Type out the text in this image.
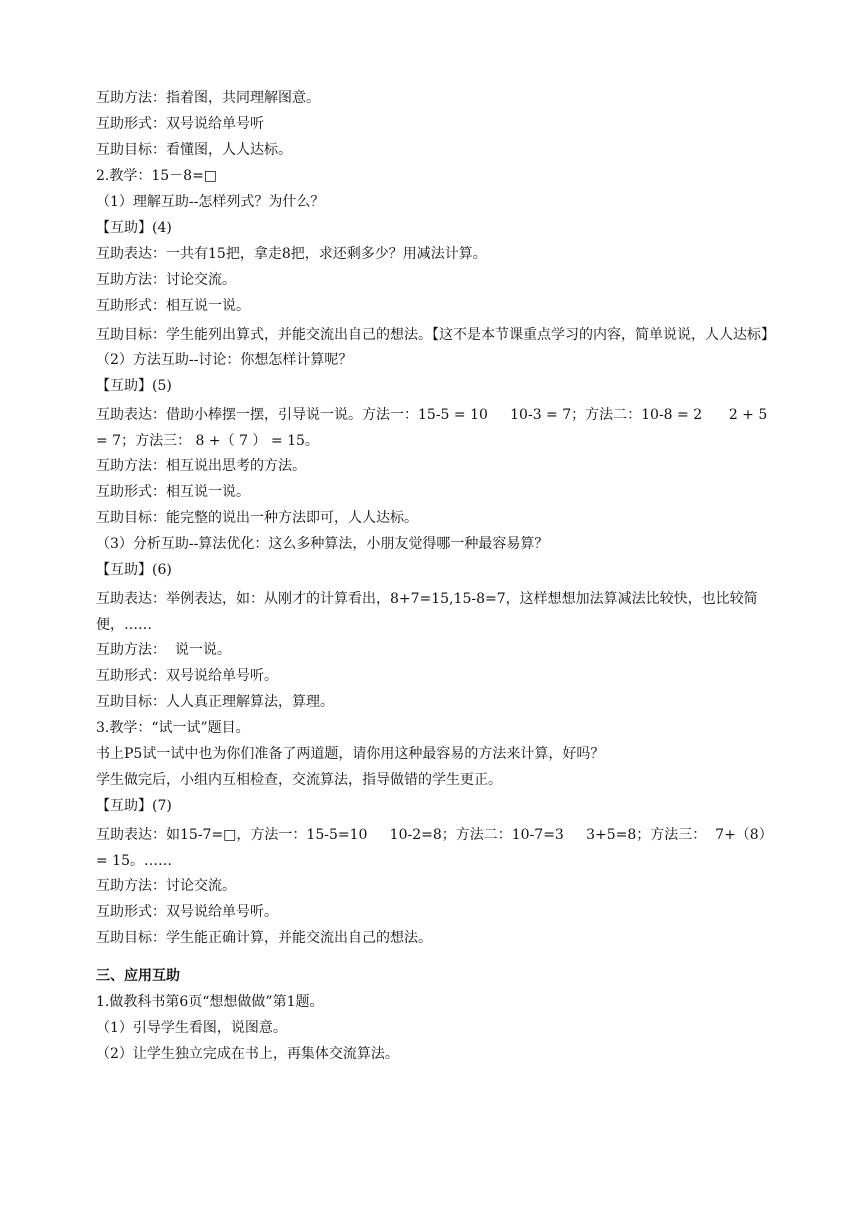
互助方法：指着图，共同理解图意。

互助形式：双号说给单号听

互助目标：看懂图，人人达标。

2.教学：15－8=□

（1）理解互助--怎样列式？为什么？

【互助】(4)

互助表达：一共有15把，拿走8把，求还剩多少？用减法计算。

互助方法：讨论交流。

互助形式：相互说一说。

互助目标：学生能列出算式，并能交流出自己的想法。【这不是本节课重点学习的内容，简单说说，人人达标】

（2）方法互助--讨论：你想怎样计算呢？

【互助】(5)

互助表达：借助小棒摆一摆，引导说一说。方法一：15-5 = 10     10-3 = 7；方法二：10-8 = 2      2 + 5 = 7；方法三： 8 +（ 7 ） = 15。

互助方法：相互说出思考的方法。

互助形式：相互说一说。

互助目标：能完整的说出一种方法即可，人人达标。

（3）分析互助--算法优化：这么多种算法，小朋友觉得哪一种最容易算？

【互助】(6)

互助表达：举例表达，如：从刚才的计算看出，8+7=15,15-8=7，这样想想加法算减法比较快，也比较简便，……

互助方法：  说一说。

互助形式：双号说给单号听。

互助目标：人人真正理解算法，算理。

3.教学：“试一试”题目。

书上P5试一试中也为你们准备了两道题，请你用这种最容易的方法来计算，好吗？

学生做完后，小组内互相检查，交流算法，指导做错的学生更正。

【互助】(7)

互助表达：如15-7=□，方法一：15-5=10     10-2=8；方法二：10-7=3     3+5=8；方法三：  7+（8）= 15。……

互助方法：讨论交流。

互助形式：双号说给单号听。

互助目标：学生能正确计算，并能交流出自己的想法。

三、应用互助

1.做教科书第6页“想想做做”第1题。

（1）引导学生看图，说图意。

（2）让学生独立完成在书上，再集体交流算法。
